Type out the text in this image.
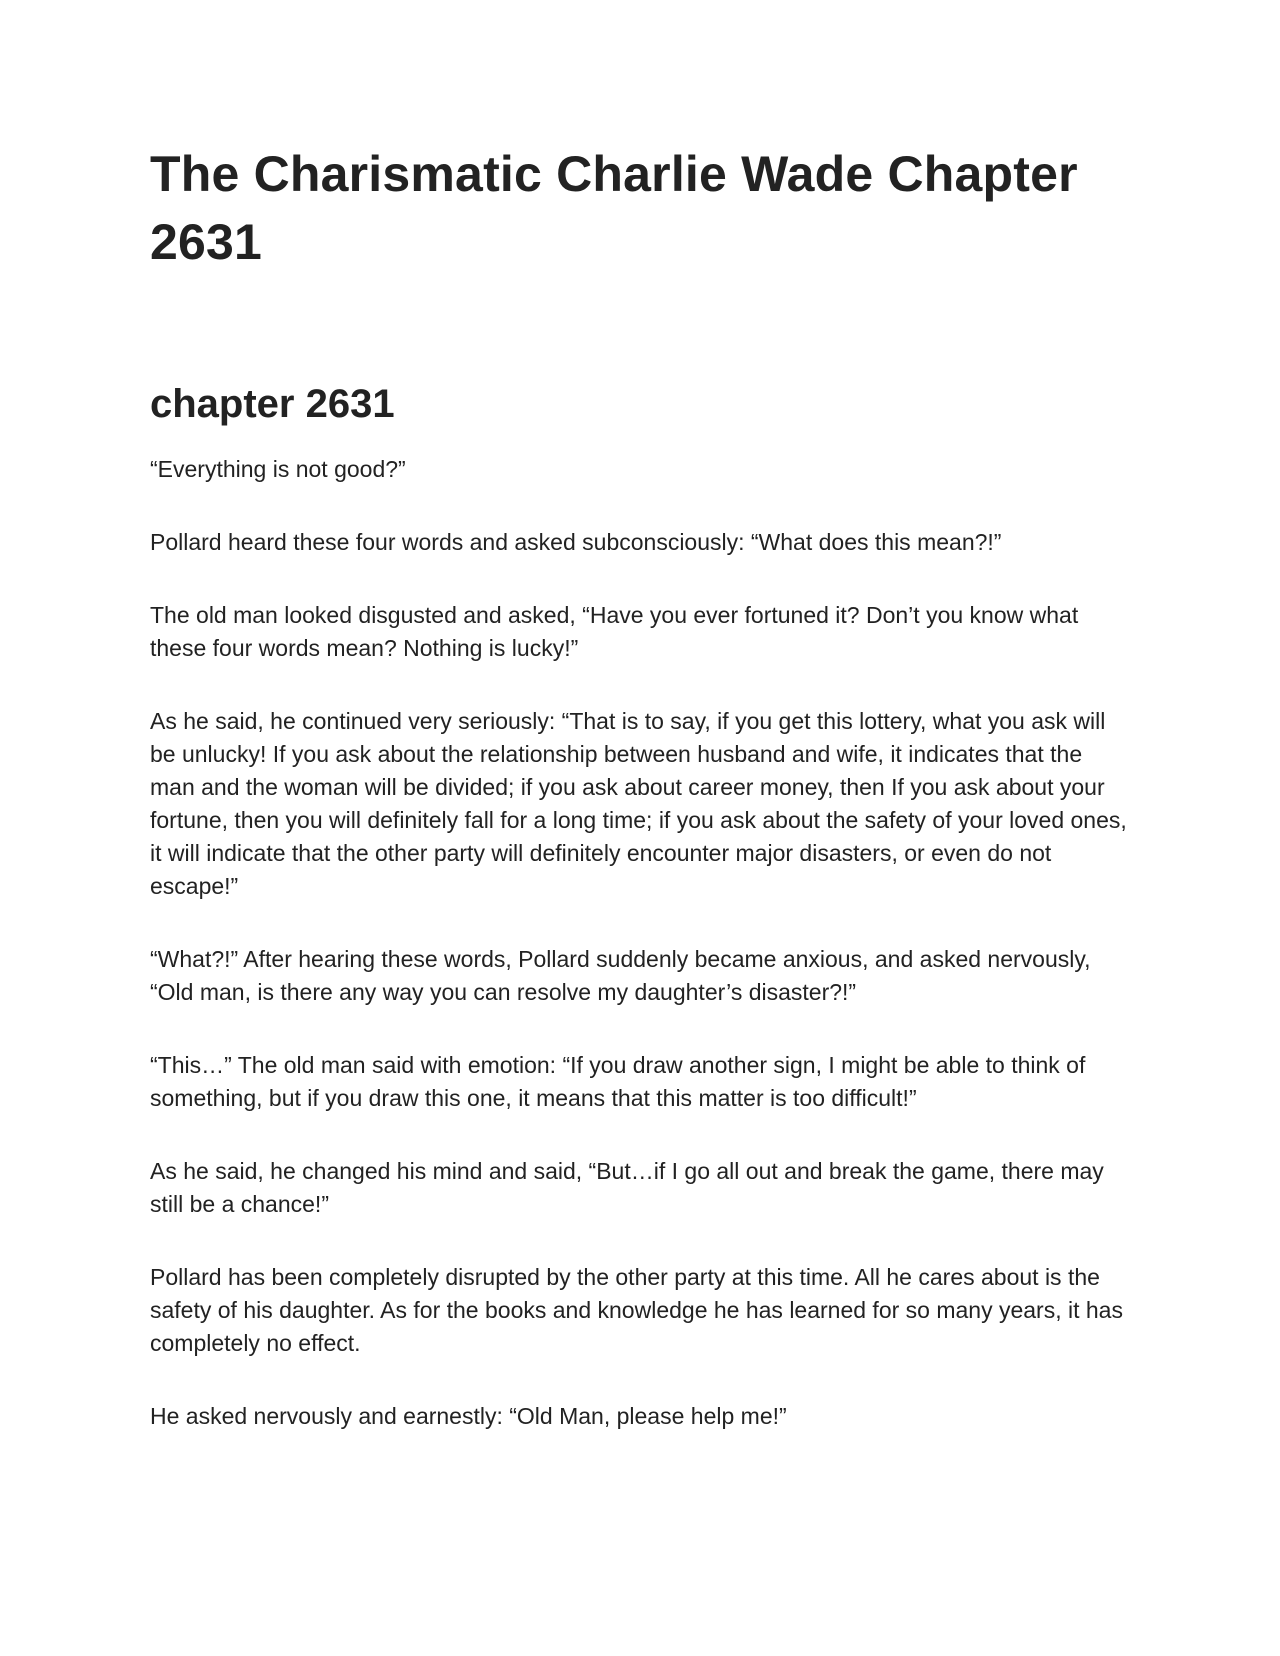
The Charismatic Charlie Wade Chapter 2631
chapter 2631

“Everything is not good?”

Pollard heard these four words and asked subconsciously: “What does this mean?!”

The old man looked disgusted and asked, “Have you ever fortuned it? Don’t you know what these four words mean? Nothing is lucky!”

As he said, he continued very seriously: “That is to say, if you get this lottery, what you ask will be unlucky! If you ask about the relationship between husband and wife, it indicates that the man and the woman will be divided; if you ask about career money, then If you ask about your fortune, then you will definitely fall for a long time; if you ask about the safety of your loved ones, it will indicate that the other party will definitely encounter major disasters, or even do not escape!”

“What?!” After hearing these words, Pollard suddenly became anxious, and asked nervously, “Old man, is there any way you can resolve my daughter’s disaster?!”

“This…” The old man said with emotion: “If you draw another sign, I might be able to think of something, but if you draw this one, it means that this matter is too difficult!”

As he said, he changed his mind and said, “But…if I go all out and break the game, there may still be a chance!”

Pollard has been completely disrupted by the other party at this time. All he cares about is the safety of his daughter. As for the books and knowledge he has learned for so many years, it has completely no effect.

He asked nervously and earnestly: “Old Man, please help me!”
